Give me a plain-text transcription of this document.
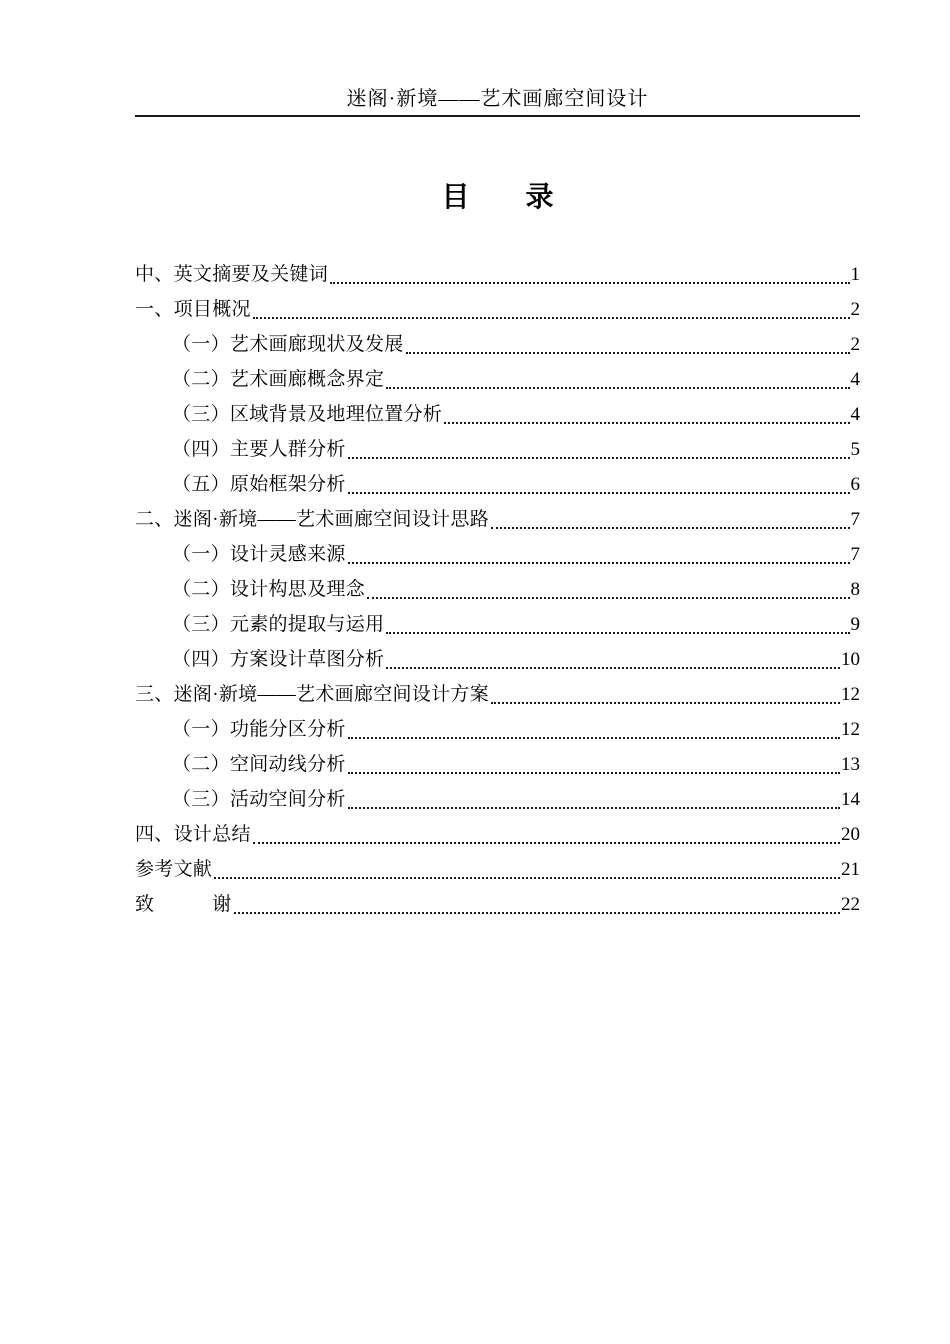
迷阁·新境——艺术画廊空间设计
目　　录
中、英文摘要及关键词	1
一、项目概况	2
（一）艺术画廊现状及发展	2
（二）艺术画廊概念界定	4
（三）区域背景及地理位置分析	4
（四）主要人群分析	5
（五）原始框架分析	6
二、迷阁·新境——艺术画廊空间设计思路	7
（一）设计灵感来源	7
（二）设计构思及理念	8
（三）元素的提取与运用	9
（四）方案设计草图分析	10
三、迷阁·新境——艺术画廊空间设计方案	12
（一）功能分区分析	12
（二）空间动线分析	13
（三）活动空间分析	14
四、设计总结	20
参考文献	21
致　　　谢	22
